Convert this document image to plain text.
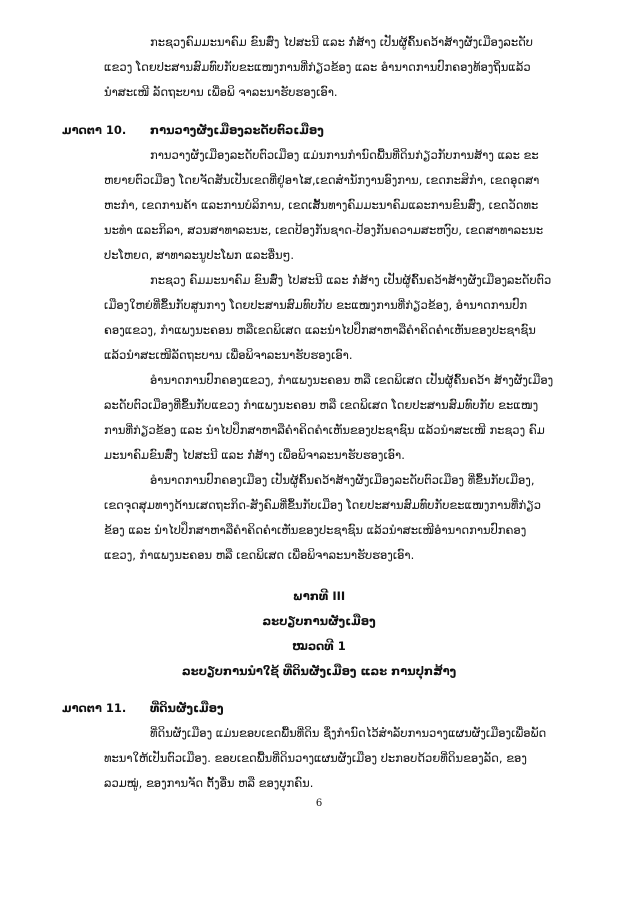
ກະຊວງຄົມມະນາຄົມ ຂົນສົ່ງ ໄປສະນີ ແລະ ກໍ່ສ້າງ ເປັນຜູ້ຄົ້ນຄວ້າສ້າງຜັງເມືອງລະດັບ
ແຂວງ ໂດຍປະສານສົມທົບກັບຂະແໜງການທີ່ກ່ຽວຂ້ອງ ແລະ ອຳນາດການປົກຄອງທ້ອງຖິ່ນແລ້ວ
ນຳສະເໜີ ລັດຖະບານ ເພື່ອພິ ຈາລະນາຮັບຮອງເອົາ.
ມາດຕາ 10. ການວາງຜັງເມືອງລະດັບຕົວເມືອງ
ການວາງຜັງເມືອງລະດັບຕົວເມືອງ ແມ່ນການກຳນົດພື້ນທີ່ດິນກ່ຽວກັບການສ້າງ ແລະ ຂະ
ຫຍາຍຕົວເມືອງ ໂດຍຈັດສັນເປັນເຂດທີ່ຢູ່ອາໄສ,ເຂດສຳນັກງານອົງການ, ເຂດກະສິກຳ, ເຂດອຸດສາ
ຫະກຳ, ເຂດການຄ້າ ແລະການບໍລິການ, ເຂດເສັ້ນທາງຄົມມະນາຄົມແລະການຂົນສົ່ງ, ເຂດວັດທະ
ນະທຳ ແລະກິລາ, ສວນສາທາລະນະ, ເຂດປ້ອງກັນຊາດ-ປ້ອງກັນຄວາມສະຫງົບ, ເຂດສາທາລະນະ
ປະໂຫຍດ, ສາທາລະນູປະໂພກ ແລະອື່ນໆ.
ກະຊວງ ຄົມມະນາຄົມ ຂົນສົ່ງ ໄປສະນີ ແລະ ກໍ່ສ້າງ ເປັນຜູ້ຄົ້ນຄວ້າສ້າງຜັງເມືອງລະດັບຕົວ
ເມືອງໃຫຍ່ທີ່ຂຶ້ນກັບສູນກາງ ໂດຍປະສານສົມທົບກັບ ຂະແໜງການທີ່ກ່ຽວຂ້ອງ, ອຳນາດການປົກ
ຄອງແຂວງ, ກຳແພງນະຄອນ ຫລືເຂດພິເສດ ແລະນຳໄປປຶກສາຫາລືຄຳຄິດຄຳເຫັນຂອງປະຊາຊົນ
ແລ້ວນຳສະເໜີລັດຖະບານ ເພື່ອພິຈາລະນາຮັບຮອງເອົາ.
ອຳນາດການປົກຄອງແຂວງ, ກຳແພງນະຄອນ ຫລື ເຂດພິເສດ ເປັນຜູ້ຄົ້ນຄວ້າ ສ້າງຜັງເມືອງ
ລະດັບຕົວເມືອງທີ່ຂຶ້ນກັບແຂວງ ກຳແພງນະຄອນ ຫລື ເຂດພິເສດ ໂດຍປະສານສົມທົບກັບ ຂະແໜງ
ການທີ່ກ່ຽວຂ້ອງ ແລະ ນຳໄປປຶກສາຫາລືຄຳຄິດຄຳເຫັນຂອງປະຊາຊົນ ແລ້ວນຳສະເໜີ ກະຊວງ ຄົມ
ມະນາຄົມຂົນສົ່ງ ໄປສະນີ ແລະ ກໍ່ສ້າງ ເພື່ອພິຈາລະນາຮັບຮອງເອົາ.
ອຳນາດການປົກຄອງເມືອງ ເປັນຜູ້ຄົ້ນຄວ້າສ້າງຜັງເມືອງລະດັບຕົວເມືອງ ທີ່ຂຶ້ນກັບເມືອງ,
ເຂດຈຸດສຸມທາງດ້ານເສດຖະກິດ-ສັງຄົມທີ່ຂຶ້ນກັບເມືອງ ໂດຍປະສານສົມທົບກັບຂະແໜງການທີ່ກ່ຽວ
ຂ້ອງ ແລະ ນຳໄປປຶກສາຫາລືຄຳຄິດຄຳເຫັນຂອງປະຊາຊົນ ແລ້ວນຳສະເໜີອຳນາດການປົກຄອງ
ແຂວງ, ກຳແພງນະຄອນ ຫລື ເຂດພິເສດ ເພື່ອພິຈາລະນາຮັບຮອງເອົາ.
ພາກທີ III
ລະບຽບການຜັງເມືອງ
ໝວດທີ 1
ລະບຽບການນຳໃຊ້ ທີ່ດິນຜັງເມືອງ ແລະ ການປຸກສ້າງ
ມາດຕາ 11. ທີ່ດິນຜັງເມືອງ
ທີ່ດິນຜັງເມືອງ ແມ່ນຂອບເຂດພື້ນທີ່ດິນ ຊຶ່ງກຳນົດໄວ້ສຳລັບການວາງແຜນຜັງເມືອງເພື່ອພັດ
ທະນາໃຫ້ເປັນຕົວເມືອງ. ຂອບເຂດພື້ນທີ່ດິນວາງແຜນຜັງເມືອງ ປະກອບດ້ວຍທີ່ດິນຂອງລັດ, ຂອງ
ລວມໝູ່, ຂອງການຈັດ ຕັ້ງອື່ນ ຫລື ຂອງບຸກຄົນ.
6
